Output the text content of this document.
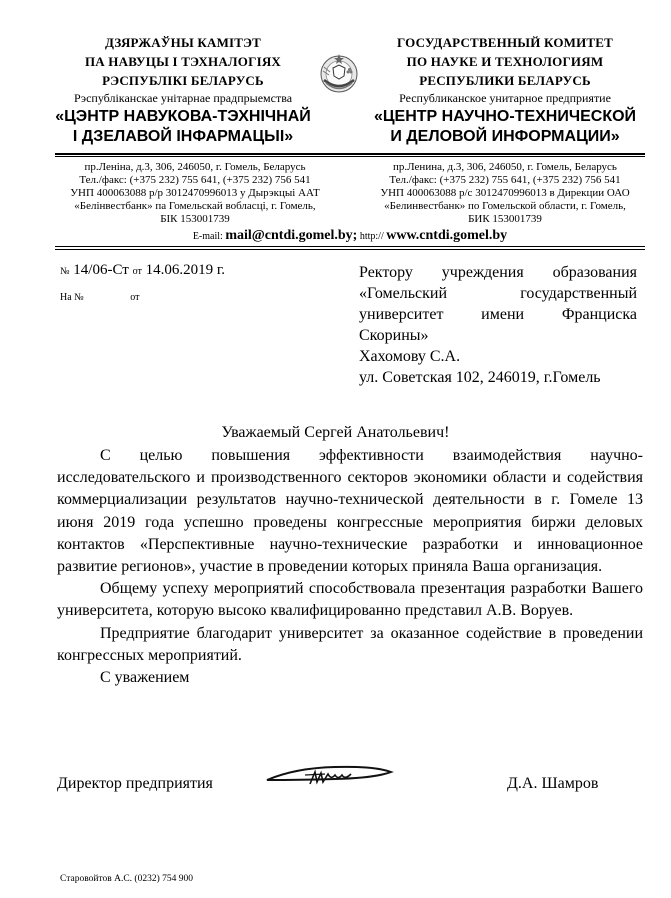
ДЗЯРЖАЎНЫ КАМІТЭТ
ПА НАВУЦЫ І ТЭХНАЛОГІЯХ
РЭСПУБЛІКІ БЕЛАРУСЬ
Рэспубліканскае унітарнае прадпрыемства
«ЦЭНТР НАВУКОВА-ТЭХНІЧНАЙ
І ДЗЕЛАВОЙ ІНФАРМАЦЫІ»
ГОСУДАРСТВЕННЫЙ КОМИТЕТ
ПО НАУКЕ И ТЕХНОЛОГИЯМ
РЕСПУБЛИКИ БЕЛАРУСЬ
Республиканское унитарное предприятие
«ЦЕНТР НАУЧНО-ТЕХНИЧЕСКОЙ
И ДЕЛОВОЙ ИНФОРМАЦИИ»
пр.Леніна, д.3, 306, 246050, г. Гомель, Беларусь
Тел./факс: (+375 232) 755 641, (+375 232) 756 541
УНП 400063088 р/р 3012470996013 у Дырэкцыі ААТ
«Белінвестбанк» па Гомельскай вобласці, г. Гомель,
БІК 153001739
пр.Ленина, д.3, 306, 246050, г. Гомель, Беларусь
Тел./факс: (+375 232) 755 641, (+375 232) 756 541
УНП 400063088 р/с 3012470996013 в Дирекции ОАО
«Белинвестбанк» по Гомельской области, г. Гомель,
БИК 153001739
E-mail: mail@cntdi.gomel.by; http:// www.cntdi.gomel.by
№ 14/06-Ст от 14.06.2019 г.
На №	от
Ректору учреждения образования
«Гомельский государственный
университет имени Франциска
Скорины»
Хахомову С.А.
ул. Советская 102, 246019, г.Гомель
Уважаемый Сергей Анатольевич!

С целью повышения эффективности взаимодействия научно-исследовательского и производственного секторов экономики области и содействия коммерциализации результатов научно-технической деятельности в г. Гомеле 13 июня 2019 года успешно проведены конгрессные мероприятия биржи деловых контактов «Перспективные научно-технические разработки и инновационное развитие регионов», участие в проведении которых приняла Ваша организация.

Общему успеху мероприятий способствовала презентация разработки Вашего университета, которую высоко квалифицированно представил А.В. Воруев.

Предприятие благодарит университет за оказанное содействие в проведении конгрессных мероприятий.

С уважением

Директор предприятия	Д.А. Шамров
Старовойтов А.С. (0232) 754 900
